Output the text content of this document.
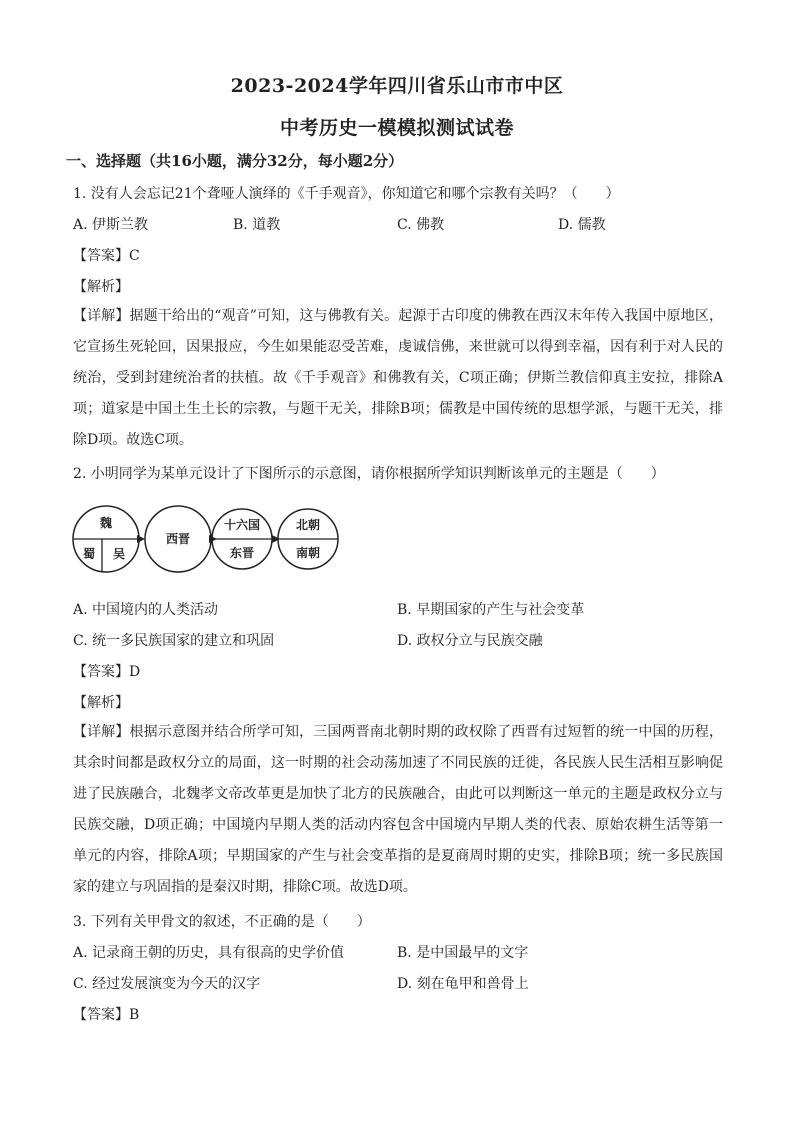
2023-2024学年四川省乐山市市中区
中考历史一模模拟测试试卷
一、选择题（共16小题，满分32分，每小题2分）
1. 没有人会忘记21个聋哑人演绎的《千手观音》，你知道它和哪个宗教有关吗？（　　）
A. 伊斯兰教	B. 道教	C. 佛教	D. 儒教
【答案】C
【解析】
【详解】据题干给出的“观音”可知，这与佛教有关。起源于古印度的佛教在西汉末年传入我国中原地区，它宣扬生死轮回，因果报应，今生如果能忍受苦难，虔诚信佛，来世就可以得到幸福，因有利于对人民的统治，受到封建统治者的扶植。故《千手观音》和佛教有关，C项正确；伊斯兰教信仰真主安拉，排除A项；道家是中国土生土长的宗教，与题干无关，排除B项；儒教是中国传统的思想学派，与题干无关，排除D项。故选C项。
2. 小明同学为某单元设计了下图所示的示意图，请你根据所学知识判断该单元的主题是（　　）
魏
蜀 吴
西晋
十六国
东晋
北朝
南朝
A. 中国境内的人类活动	B. 早期国家的产生与社会变革
C. 统一多民族国家的建立和巩固	D. 政权分立与民族交融
【答案】D
【解析】
【详解】根据示意图并结合所学可知，三国两晋南北朝时期的政权除了西晋有过短暂的统一中国的历程，其余时间都是政权分立的局面，这一时期的社会动荡加速了不同民族的迁徙，各民族人民生活相互影响促进了民族融合，北魏孝文帝改革更是加快了北方的民族融合，由此可以判断这一单元的主题是政权分立与民族交融，D项正确；中国境内早期人类的活动内容包含中国境内早期人类的代表、原始农耕生活等第一单元的内容，排除A项；早期国家的产生与社会变革指的是夏商周时期的史实，排除B项；统一多民族国家的建立与巩固指的是秦汉时期，排除C项。故选D项。
3. 下列有关甲骨文的叙述，不正确的是（　　）
A. 记录商王朝的历史，具有很高的史学价值	B. 是中国最早的文字
C. 经过发展演变为今天的汉字	D. 刻在龟甲和兽骨上
【答案】B
